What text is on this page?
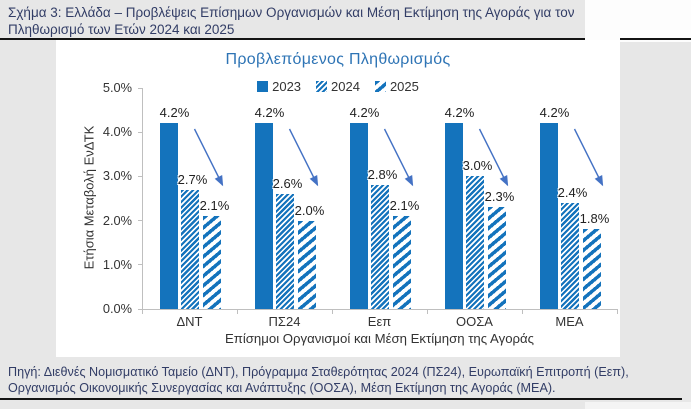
Σχήμα 3: Ελλάδα – Προβλέψεις Επίσημων Οργανισμών και Μέση Εκτίμηση της Αγοράς για τον
Πληθωρισμό των Ετών 2024 και 2025
Προβλεπόμενος Πληθωρισμός
2023 2024 2025
Ετήσια Μεταβολή ΕνΔΤΚ
4.2%
2.7%
2.1%
ΔΝΤ
4.2%
2.6%
2.0%
ΠΣ24
4.2%
2.8%
2.1%
Εεπ
4.2%
3.0%
2.3%
ΟΟΣΑ
4.2%
2.4%
1.8%
ΜΕΑ
Επίσημοι Οργανισμοί και Μέση Εκτίμηση της Αγοράς
0.0%
1.0%
2.0%
3.0%
4.0%
5.0%
Πηγή: Διεθνές Νομισματικό Ταμείο (ΔΝΤ), Πρόγραμμα Σταθερότητας 2024 (ΠΣ24), Ευρωπαϊκή Επιτροπή (Εεπ),
Οργανισμός Οικονομικής Συνεργασίας και Ανάπτυξης (ΟΟΣΑ), Μέση Εκτίμηση της Αγοράς (ΜΕΑ).
